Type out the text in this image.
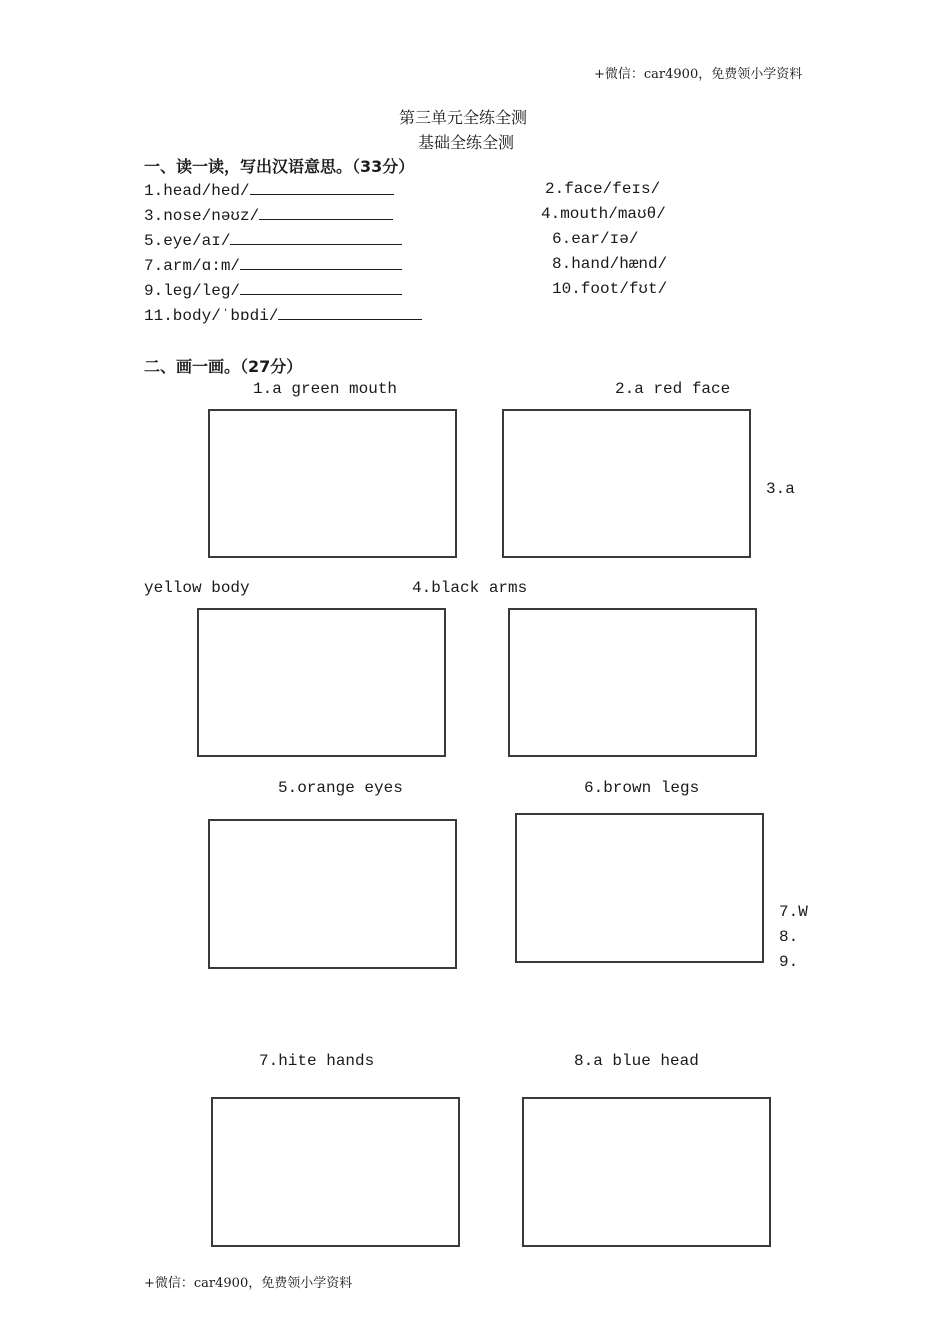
+微信：car4900，免费领小学资料
第三单元全练全测
基础全练全测
一、读一读，写出汉语意思。（33分）
1.head/hed/	2.face/feɪs/
3.nose/nəʊz/	4.mouth/maʊθ/
5.eye/aɪ/	6.ear/ɪə/
7.arm/ɑ:m/	8.hand/hænd/
9.leg/leɡ/	10.foot/fʊt/
11.body/ˈbɒdi/
二、画一画。（27分）
1.a green mouth	2.a red face
3.a
yellow body	4.black arms
5.orange eyes	6.brown legs
7.W
8.
9.
7.hite hands	8.a blue head
+微信：car4900，免费领小学资料
